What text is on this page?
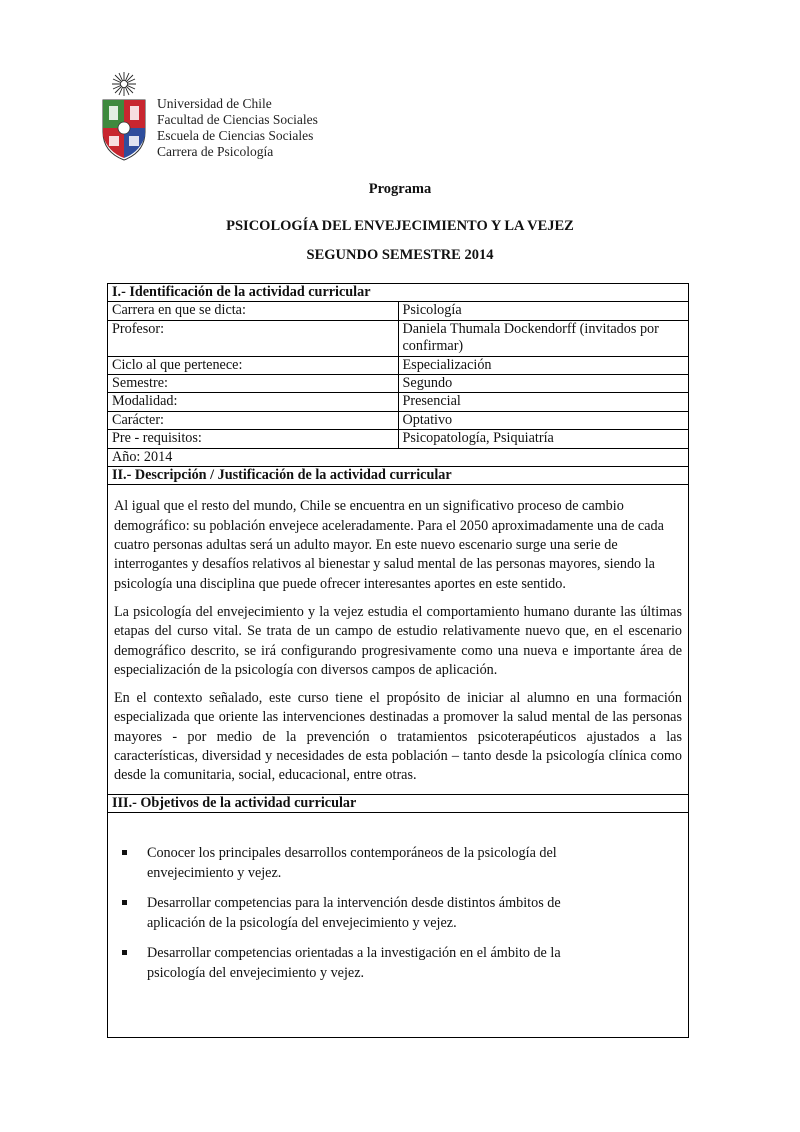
Universidad de Chile
Facultad de Ciencias Sociales
Escuela de Ciencias Sociales
Carrera de Psicología
Programa
PSICOLOGÍA DEL ENVEJECIMIENTO Y LA VEJEZ
SEGUNDO SEMESTRE 2014
I.- Identificación de la actividad curricular	
Carrera en que se dicta:	Psicología
Profesor:	Daniela Thumala Dockendorff (invitados por confirmar)
Ciclo al que pertenece:	Especialización
Semestre:	Segundo
Modalidad:	Presencial
Carácter:	Optativo
Pre - requisitos:	Psicopatología, Psiquiatría
Año: 2014	
II.- Descripción / Justificación de la actividad curricular	

Al igual que el resto del mundo, Chile se encuentra en un significativo proceso de cambio demográfico: su población envejece aceleradamente. Para el 2050 aproximadamente una de cada cuatro personas adultas será un adulto mayor. En este nuevo escenario surge una serie de interrogantes y desafíos relativos al bienestar y salud mental de las personas mayores, siendo la psicología una disciplina que puede ofrecer interesantes aportes en este sentido.

La psicología del envejecimiento y la vejez estudia el comportamiento humano durante las últimas etapas del curso vital. Se trata de un campo de estudio relativamente nuevo que, en el escenario demográfico descrito, se irá configurando progresivamente como una nueva e importante área de especialización de la psicología con diversos campos de aplicación.

En el contexto señalado, este curso tiene el propósito de iniciar al alumno en una formación especializada que oriente las intervenciones destinadas a promover la salud mental de las personas mayores - por medio de la prevención o tratamientos psicoterapéuticos ajustados a las características, diversidad y necesidades de esta población – tanto desde la psicología clínica como desde la comunitaria, social, educacional, entre otras.	

III.- Objetivos de la actividad curricular	

Conocer los principales desarrollos contemporáneos de la psicología del envejecimiento y vejez.
Desarrollar competencias para la intervención desde distintos ámbitos de aplicación de la psicología del envejecimiento y vejez.
Desarrollar competencias orientadas a la investigación en el ámbito de la psicología del envejecimiento y vejez.	
